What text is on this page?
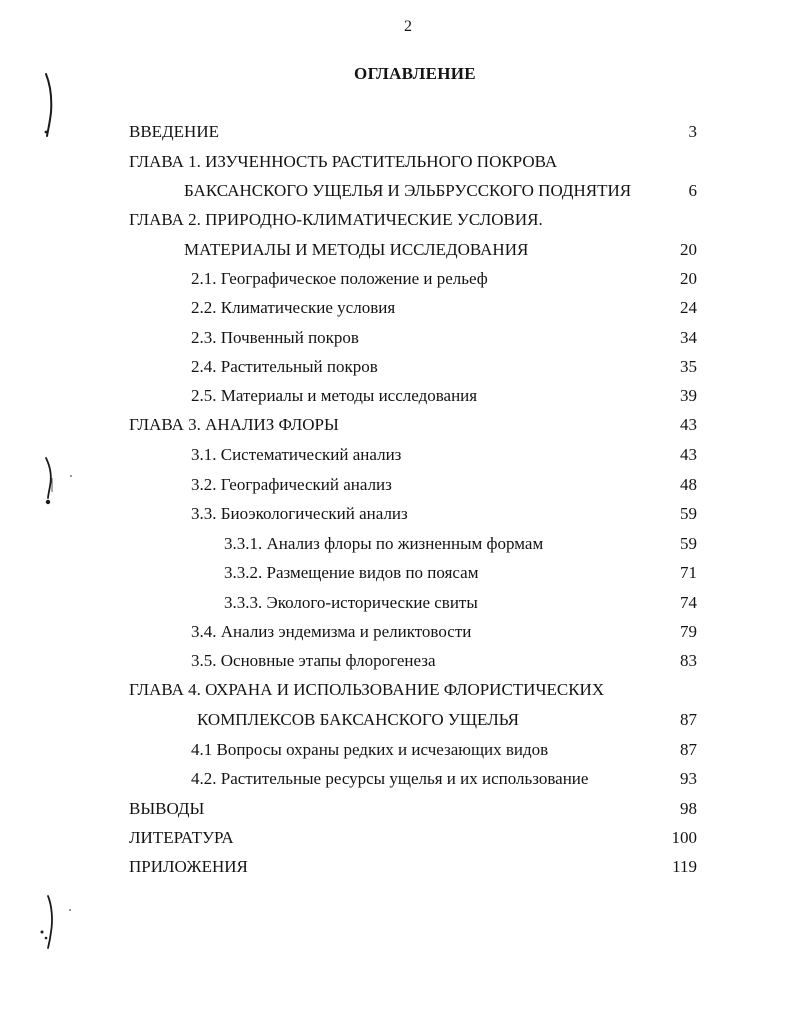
2
ОГЛАВЛЕНИЕ
ВВЕДЕНИЕ	3
ГЛАВА 1. ИЗУЧЕННОСТЬ РАСТИТЕЛЬНОГО ПОКРОВА
БАКСАНСКОГО УЩЕЛЬЯ И ЭЛЬБРУССКОГО ПОДНЯТИЯ	6
ГЛАВА 2. ПРИРОДНО-КЛИМАТИЧЕСКИЕ УСЛОВИЯ.
МАТЕРИАЛЫ И МЕТОДЫ ИССЛЕДОВАНИЯ	20
2.1. Географическое положение и рельеф	20
2.2. Климатические условия	24
2.3. Почвенный покров	34
2.4. Растительный покров	35
2.5. Материалы и методы исследования	39
ГЛАВА 3. АНАЛИЗ ФЛОРЫ	43
3.1. Систематический анализ	43
3.2. Географический анализ	48
3.3. Биоэкологический анализ	59
3.3.1. Анализ флоры по жизненным формам	59
3.3.2. Размещение видов по поясам	71
3.3.3. Эколого-исторические свиты	74
3.4. Анализ эндемизма и реликтовости	79
3.5. Основные этапы флорогенеза	83
ГЛАВА 4. ОХРАНА И ИСПОЛЬЗОВАНИЕ ФЛОРИСТИЧЕСКИХ
КОМПЛЕКСОВ БАКСАНСКОГО УЩЕЛЬЯ	87
4.1 Вопросы охраны редких и исчезающих видов	87
4.2. Растительные ресурсы ущелья и их использование	93
ВЫВОДЫ	98
ЛИТЕРАТУРА	100
ПРИЛОЖЕНИЯ	119
